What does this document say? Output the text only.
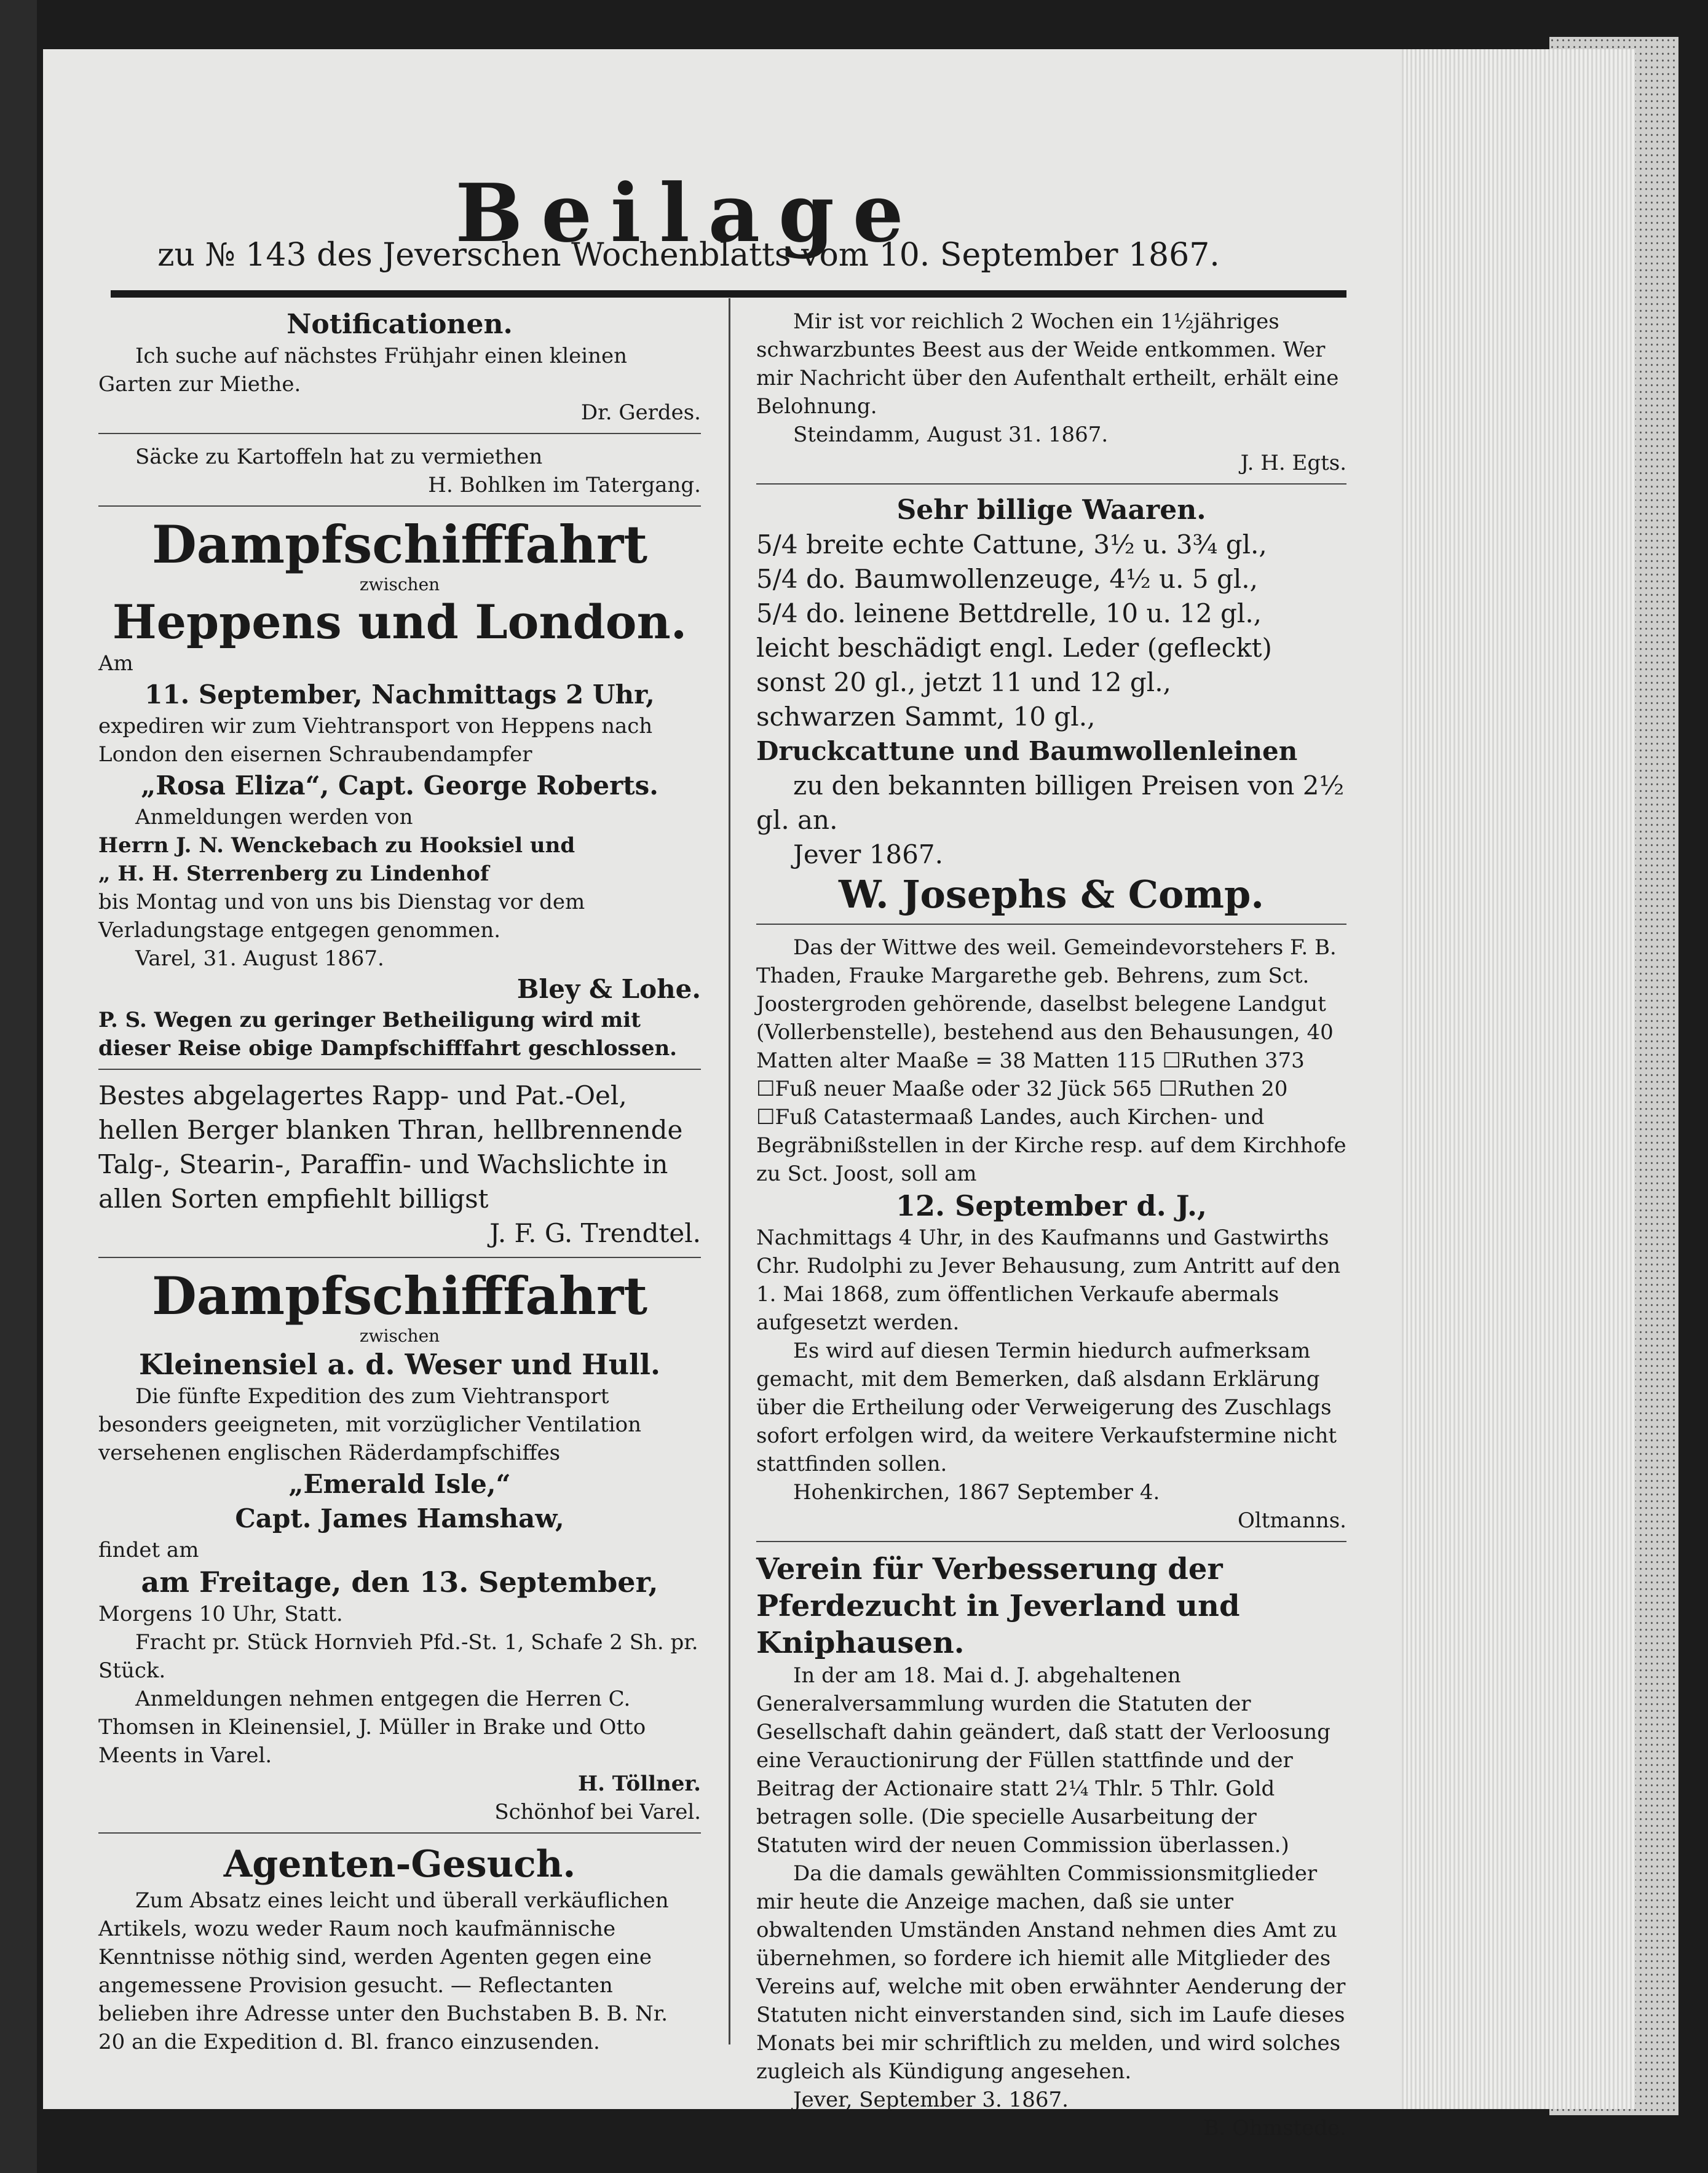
Beilage
zu № 143 des Jeverschen Wochenblatts vom 10. September 1867.

Notificationen.

Ich suche auf nächstes Frühjahr einen kleinen Garten zur Miethe.

Dr. Gerdes.

Säcke zu Kartoffeln hat zu vermiethen

H. Bohlken im Tatergang.

Dampfschifffahrt

zwischen

Heppens und London.

Am

11. September, Nachmittags 2 Uhr,

expediren wir zum Viehtransport von Heppens nach London den eisernen Schraubendampfer

„Rosa Eliza“, Capt. George Roberts.

Anmeldungen werden von

Herrn J. N. Wenckebach zu Hooksiel und

„ H. H. Sterrenberg zu Lindenhof

bis Montag und von uns bis Dienstag vor dem Verladungstage entgegen genommen.

Varel, 31. August 1867.

Bley & Lohe.

P. S. Wegen zu geringer Betheiligung wird mit dieser Reise obige Dampfschifffahrt geschlossen.

Bestes abgelagertes Rapp- und Pat.-Oel, hellen Berger blanken Thran, hellbrennende Talg-, Stearin-, Paraffin- und Wachslichte in allen Sorten empfiehlt billigst

J. F. G. Trendtel.

Dampfschifffahrt

zwischen

Kleinensiel a. d. Weser und Hull.

Die fünfte Expedition des zum Viehtransport besonders geeigneten, mit vorzüglicher Ventilation versehenen englischen Räderdampfschiffes

„Emerald Isle,“

Capt. James Hamshaw,

findet am

am Freitage, den 13. September,

Morgens 10 Uhr, Statt.

Fracht pr. Stück Hornvieh Pfd.-St. 1, Schafe 2 Sh. pr. Stück.

Anmeldungen nehmen entgegen die Herren C. Thomsen in Kleinensiel, J. Müller in Brake und Otto Meents in Varel.

H. Töllner.

Schönhof bei Varel.

Agenten-Gesuch.

Zum Absatz eines leicht und überall verkäuflichen Artikels, wozu weder Raum noch kaufmännische Kenntnisse nöthig sind, werden Agenten gegen eine angemessene Provision gesucht. — Reflectanten belieben ihre Adresse unter den Buchstaben B. B. Nr. 20 an die Expedition d. Bl. franco einzusenden.

Mir ist vor reichlich 2 Wochen ein 1½jähriges schwarzbuntes Beest aus der Weide entkommen. Wer mir Nachricht über den Aufenthalt ertheilt, erhält eine Belohnung.

Steindamm, August 31. 1867.

J. H. Egts.

Sehr billige Waaren.

5/4 breite echte Cattune, 3½ u. 3¾ gl.,

5/4 do. Baumwollenzeuge, 4½ u. 5 gl.,

5/4 do. leinene Bettdrelle, 10 u. 12 gl.,

leicht beschädigt engl. Leder (gefleckt) sonst 20 gl., jetzt 11 und 12 gl.,

schwarzen Sammt, 10 gl.,

Druckcattune und Baumwollenleinen

zu den bekannten billigen Preisen von 2½ gl. an.

Jever 1867.

W. Josephs & Comp.

Das der Wittwe des weil. Gemeindevorstehers F. B. Thaden, Frauke Margarethe geb. Behrens, zum Sct. Joostergroden gehörende, daselbst belegene Landgut (Vollerbenstelle), bestehend aus den Behausungen, 40 Matten alter Maaße = 38 Matten 115 ☐Ruthen 373 ☐Fuß neuer Maaße oder 32 Jück 565 ☐Ruthen 20 ☐Fuß Catastermaaß Landes, auch Kirchen- und Begräbnißstellen in der Kirche resp. auf dem Kirchhofe zu Sct. Joost, soll am

12. September d. J.,

Nachmittags 4 Uhr, in des Kaufmanns und Gastwirths Chr. Rudolphi zu Jever Behausung, zum Antritt auf den 1. Mai 1868, zum öffentlichen Verkaufe abermals aufgesetzt werden.

Es wird auf diesen Termin hiedurch aufmerksam gemacht, mit dem Bemerken, daß alsdann Erklärung über die Ertheilung oder Verweigerung des Zuschlags sofort erfolgen wird, da weitere Verkaufstermine nicht stattfinden sollen.

Hohenkirchen, 1867 September 4.

Oltmanns.

Verein für Verbesserung der Pferdezucht in Jeverland und Kniphausen.

In der am 18. Mai d. J. abgehaltenen Generalversammlung wurden die Statuten der Gesellschaft dahin geändert, daß statt der Verloosung eine Verauctionirung der Füllen stattfinde und der Beitrag der Actionaire statt 2¼ Thlr. 5 Thlr. Gold betragen solle. (Die specielle Ausarbeitung der Statuten wird der neuen Commission überlassen.)

Da die damals gewählten Commissionsmitglieder mir heute die Anzeige machen, daß sie unter obwaltenden Umständen Anstand nehmen dies Amt zu übernehmen, so fordere ich hiemit alle Mitglieder des Vereins auf, welche mit oben erwähnter Aenderung der Statuten nicht einverstanden sind, sich im Laufe dieses Monats bei mir schriftlich zu melden, und wird solches zugleich als Kündigung angesehen.

Jever, September 3. 1867.

B. Ohmstede.
